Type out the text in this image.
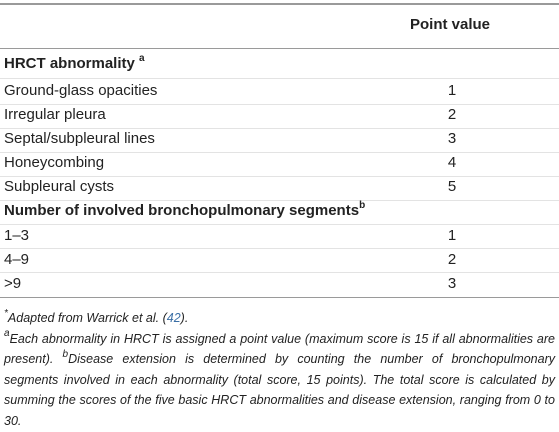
Point value
HRCT abnormality $^a$
Ground-glass opacities	1
Irregular pleura	2
Septal/subpleural lines	3
Honeycombing	4
Subpleural cysts	5
Number of involved bronchopulmonary segments$^b$
1–3	1
4–9	2
>9	3

*Adapted from Warrick et al. (42).

$^a$Each abnormality in HRCT is assigned a point value (maximum score is 15 if all abnormalities are present). $^b$Disease extension is determined by counting the number of bronchopulmonary segments involved in each abnormality (total score, 15 points). The total score is calculated by summing the scores of the five basic HRCT abnormalities and disease extension, ranging from 0 to 30.
